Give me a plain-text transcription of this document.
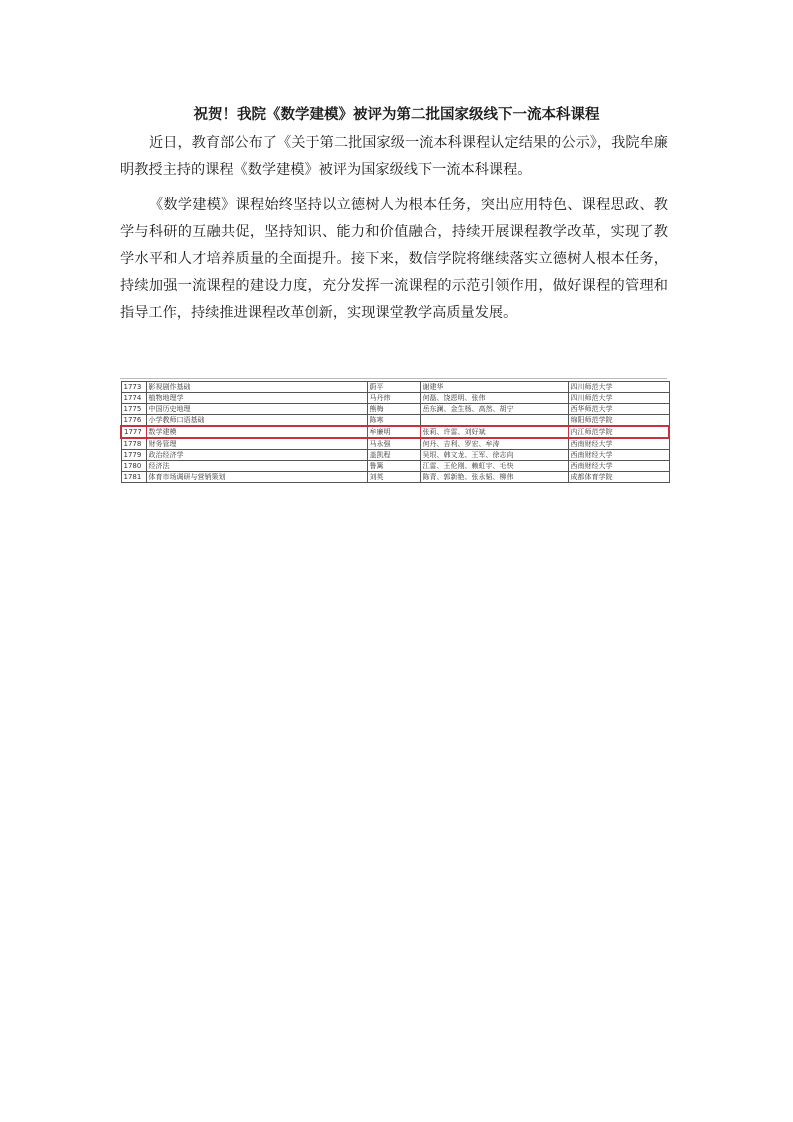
祝贺！我院《数学建模》被评为第二批国家级线下一流本科课程

近日，教育部公布了《关于第二批国家级一流本科课程认定结果的公示》，我院牟廉明教授主持的课程《数学建模》被评为国家级线下一流本科课程。

《数学建模》课程始终坚持以立德树人为根本任务，突出应用特色、课程思政、教学与科研的互融共促，坚持知识、能力和价值融合，持续开展课程教学改革，实现了教学水平和人才培养质量的全面提升。接下来，数信学院将继续落实立德树人根本任务，持续加强一流课程的建设力度，充分发挥一流课程的示范引领作用，做好课程的管理和指导工作，持续推进课程改革创新，实现课堂教学高质量发展。

1773	影视剧作基础	蔚平	谢建华	四川师范大学
1774	植物地理学	马丹炜	何磊、饶恩明、张伟	四川师范大学
1775	中国历史地理	熊梅	岳东澜、金生杨、高然、胡宁	西华师范大学
1776	小学教师口语基础	陈寒		绵阳师范学院
1777	数学建模	牟廉明	张莉、许雷、刘好斌	内江师范学院
1778	财务管理	马永强	何丹、吉利、罗宏、牟涛	西南财经大学
1779	政治经济学	盖凯程	吴垠、韩文龙、王军、徐志向	西南财经大学
1780	经济法	鲁篱	江雷、王伦刚、赖虹宇、毛快	西南财经大学
1781	体育市场调研与营销策划	刘英	陈青、郭新艳、张永韬、柳伟	成都体育学院
